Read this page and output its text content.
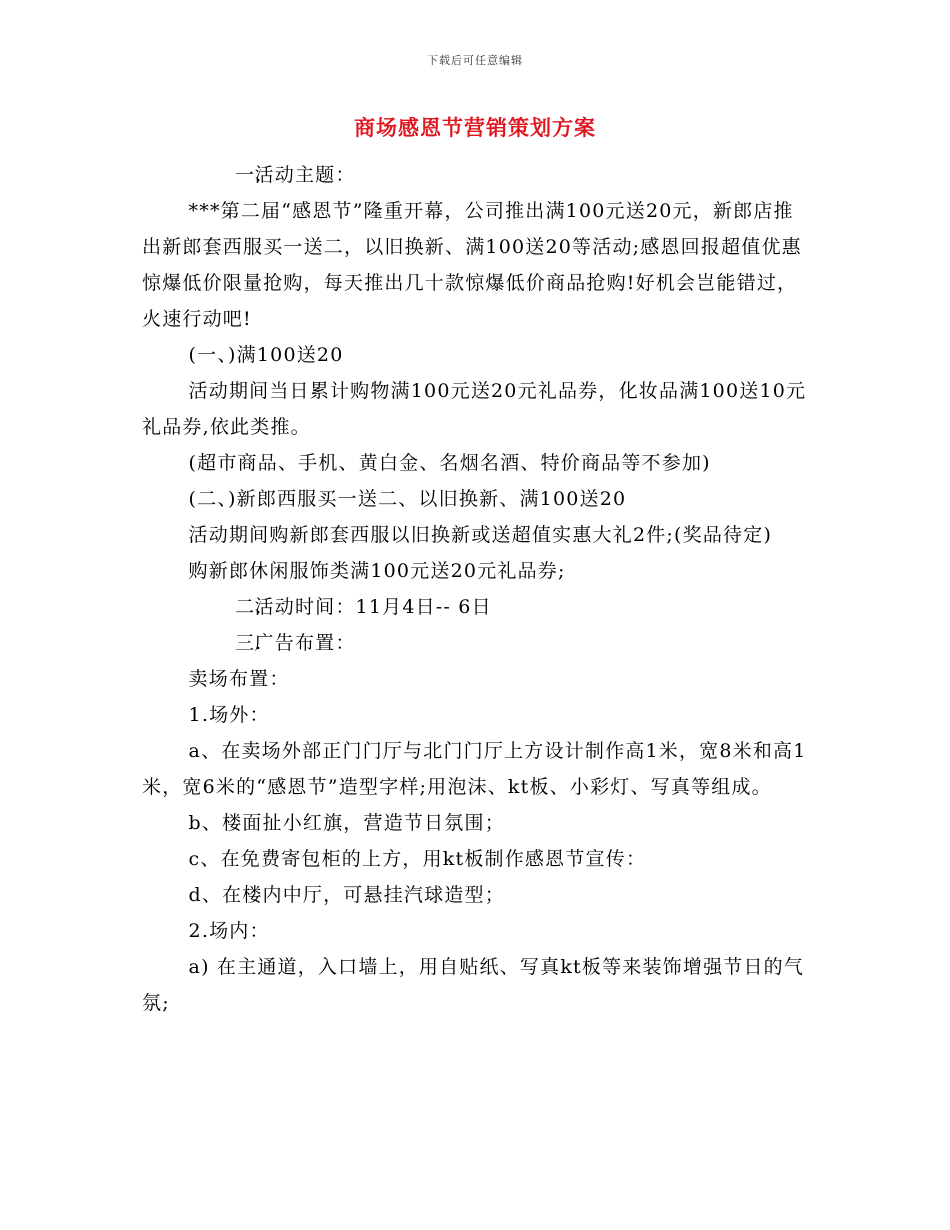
下载后可任意编辑
商场感恩节营销策划方案

一.活动主题：

***第二届“感恩节”隆重开幕，公司推出满100元送20元，新郎店推出新郎套西服买一送二，以旧换新、满100送20等活动;感恩回报超值优惠惊爆低价限量抢购，每天推出几十款惊爆低价商品抢购!好机会岂能错过，火速行动吧!

(一、)满100送20

活动期间当日累计购物满100元送20元礼品券，化妆品满100送10元礼品券,依此类推。

(超市商品、手机、黄白金、名烟名酒、特价商品等不参加)

(二、)新郎西服买一送二、以旧换新、满100送20

活动期间购新郎套西服以旧换新或送超值实惠大礼2件;(奖品待定)

购新郎休闲服饰类满100元送20元礼品券;

二.活动时间：11月4日-- 6日

三.广告布置：

卖场布置：

1.场外：

a、在卖场外部正门门厅与北门门厅上方设计制作高1米，宽8米和高1米，宽6米的“感恩节”造型字样;用泡沫、kt板、小彩灯、写真等组成。

b、楼面扯小红旗，营造节日氛围；

c、在免费寄包柜的上方，用kt板制作感恩节宣传：

d、在楼内中厅，可悬挂汽球造型；

2.场内：

a) 在主通道，入口墙上，用自贴纸、写真kt板等来装饰增强节日的气氛;
